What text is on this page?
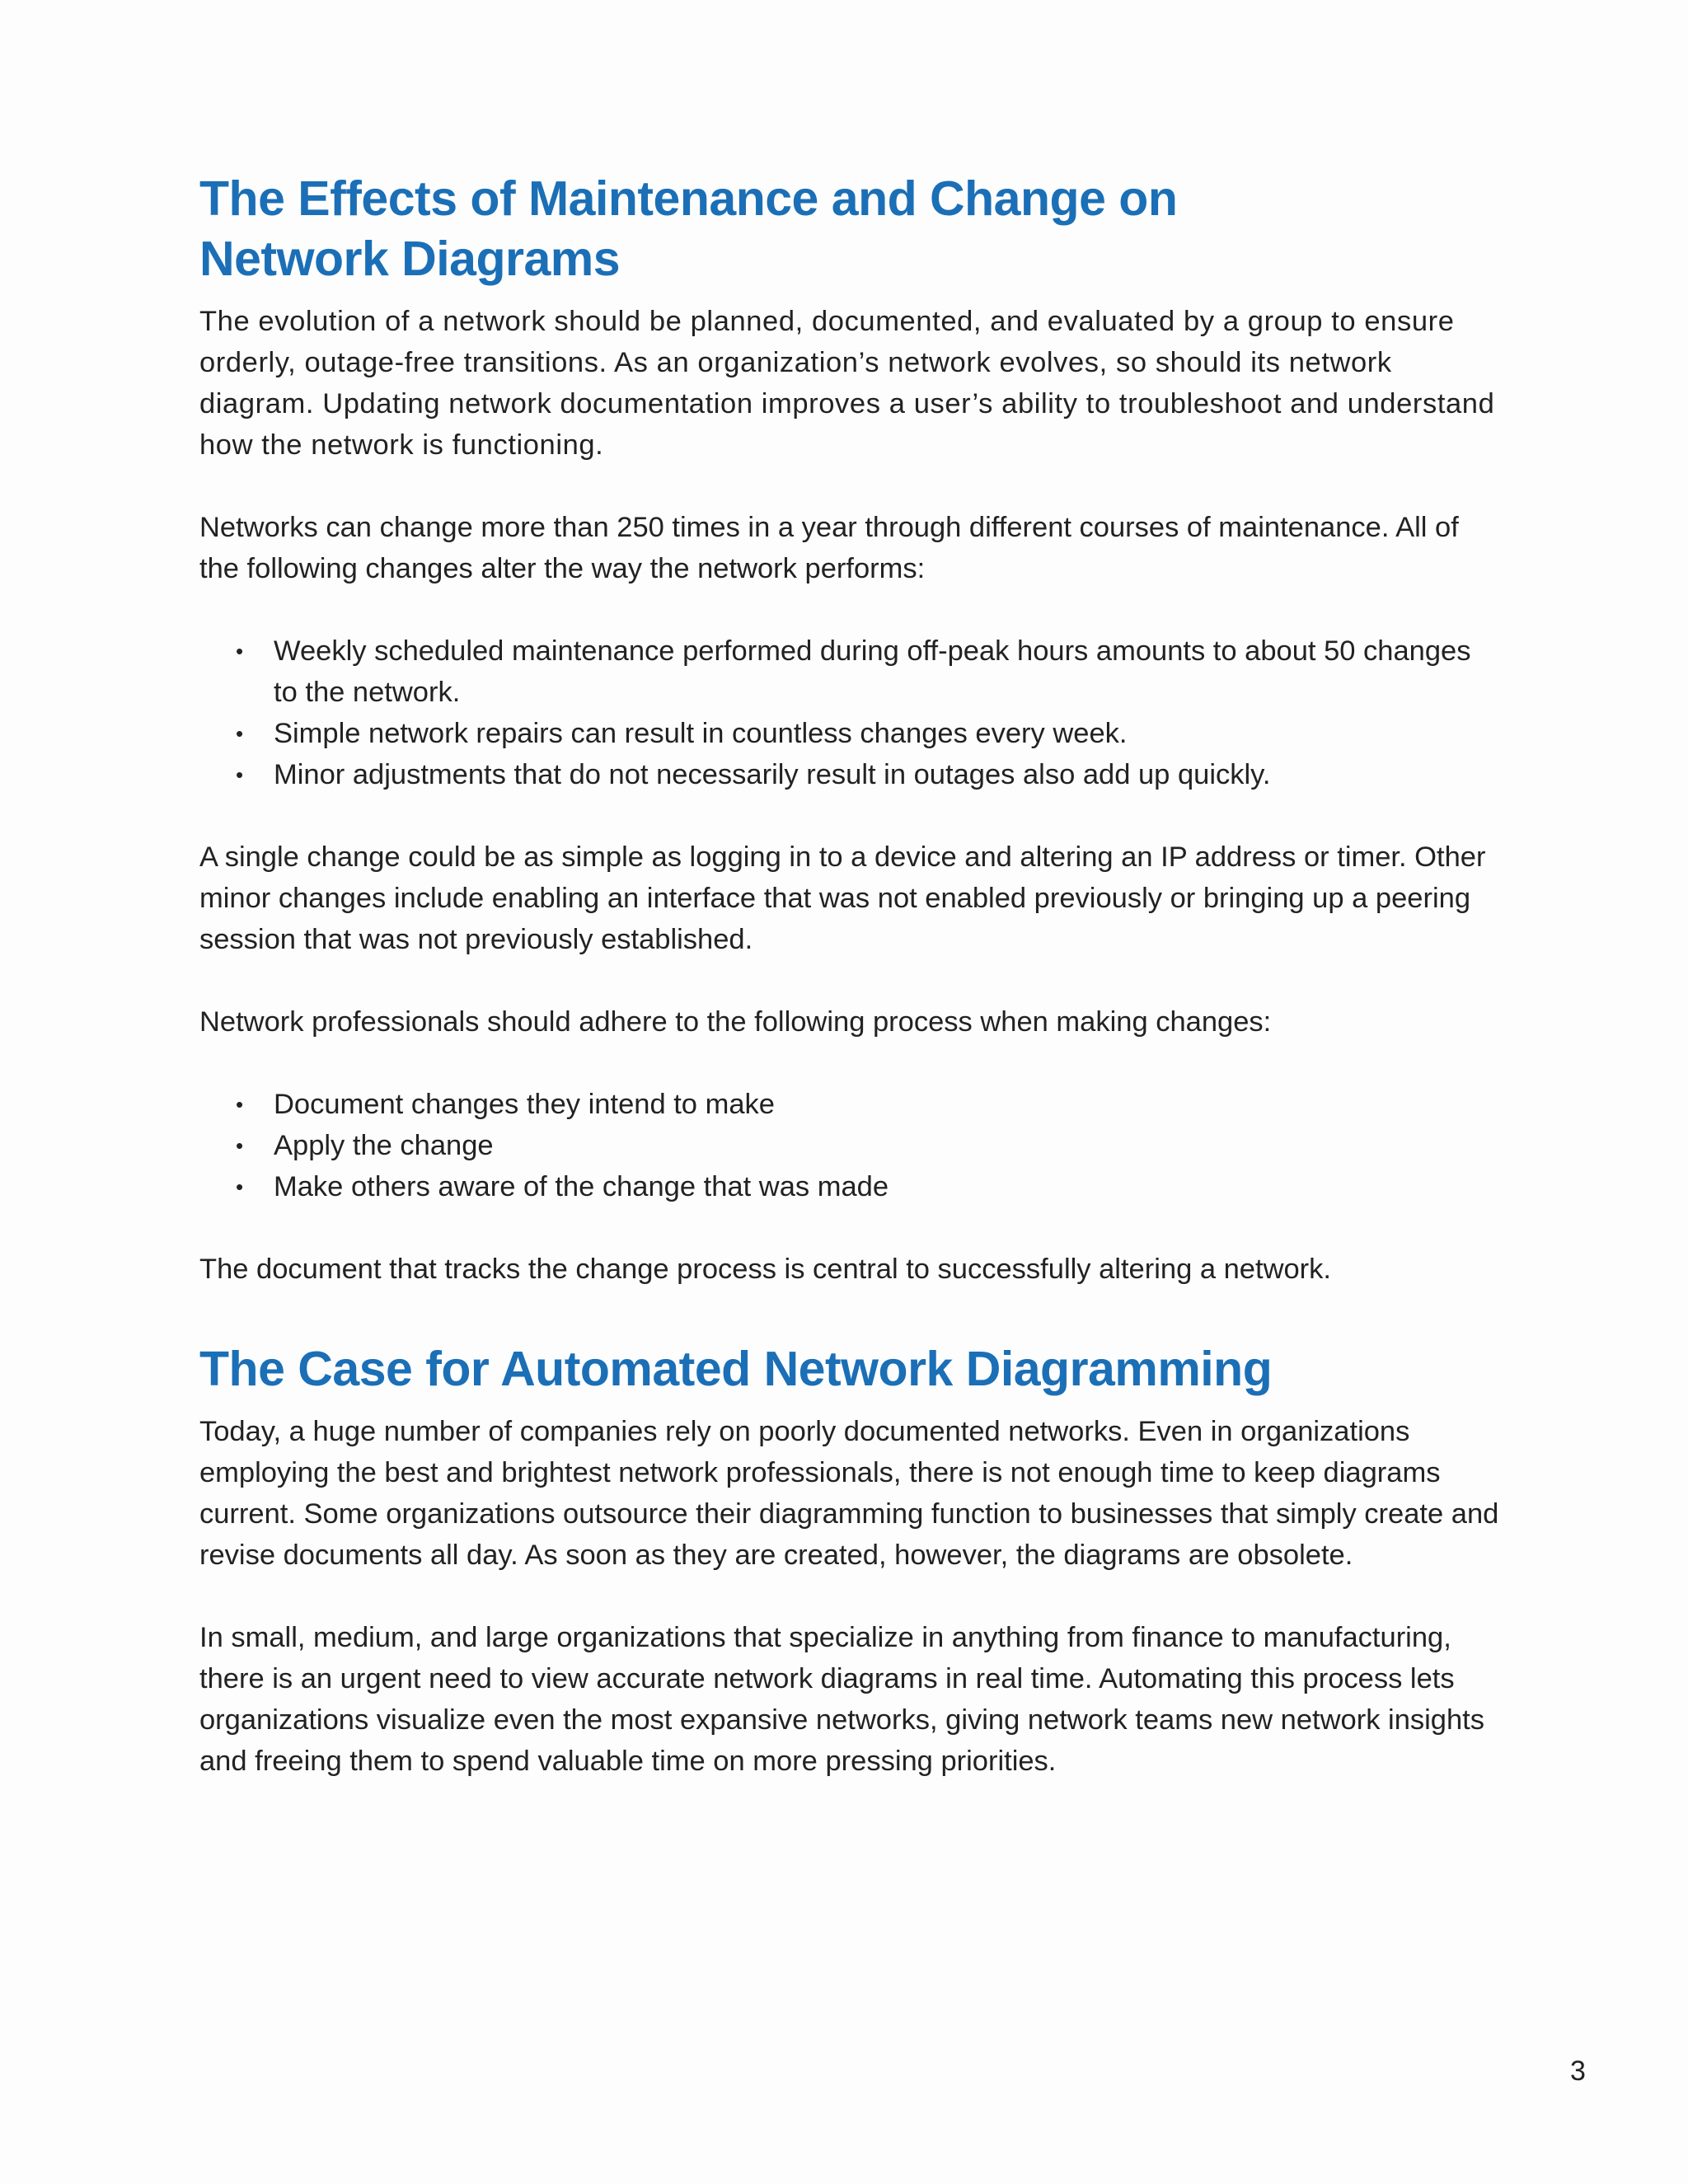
The Effects of Maintenance and Change on
Network Diagrams

The evolution of a network should be planned, documented, and evaluated by a group to ensure orderly, outage-free transitions. As an organization’s network evolves, so should its network diagram. Updating network documentation improves a user’s ability to troubleshoot and understand how the network is functioning.

Networks can change more than 250 times in a year through different courses of maintenance. All of the following changes alter the way the network performs:

• Weekly scheduled maintenance performed during off-peak hours amounts to about 50 changes to the network.
• Simple network repairs can result in countless changes every week.
• Minor adjustments that do not necessarily result in outages also add up quickly.

A single change could be as simple as logging in to a device and altering an IP address or timer. Other minor changes include enabling an interface that was not enabled previously or bringing up a peering session that was not previously established.

Network professionals should adhere to the following process when making changes:

• Document changes they intend to make
• Apply the change
• Make others aware of the change that was made

The document that tracks the change process is central to successfully altering a network.

The Case for Automated Network Diagramming

Today, a huge number of companies rely on poorly documented networks. Even in organizations employing the best and brightest network professionals, there is not enough time to keep diagrams current. Some organizations outsource their diagramming function to businesses that simply create and revise documents all day. As soon as they are created, however, the diagrams are obsolete.

In small, medium, and large organizations that specialize in anything from finance to manufacturing, there is an urgent need to view accurate network diagrams in real time. Automating this process lets organizations visualize even the most expansive networks, giving network teams new network insights and freeing them to spend valuable time on more pressing priorities.

3
